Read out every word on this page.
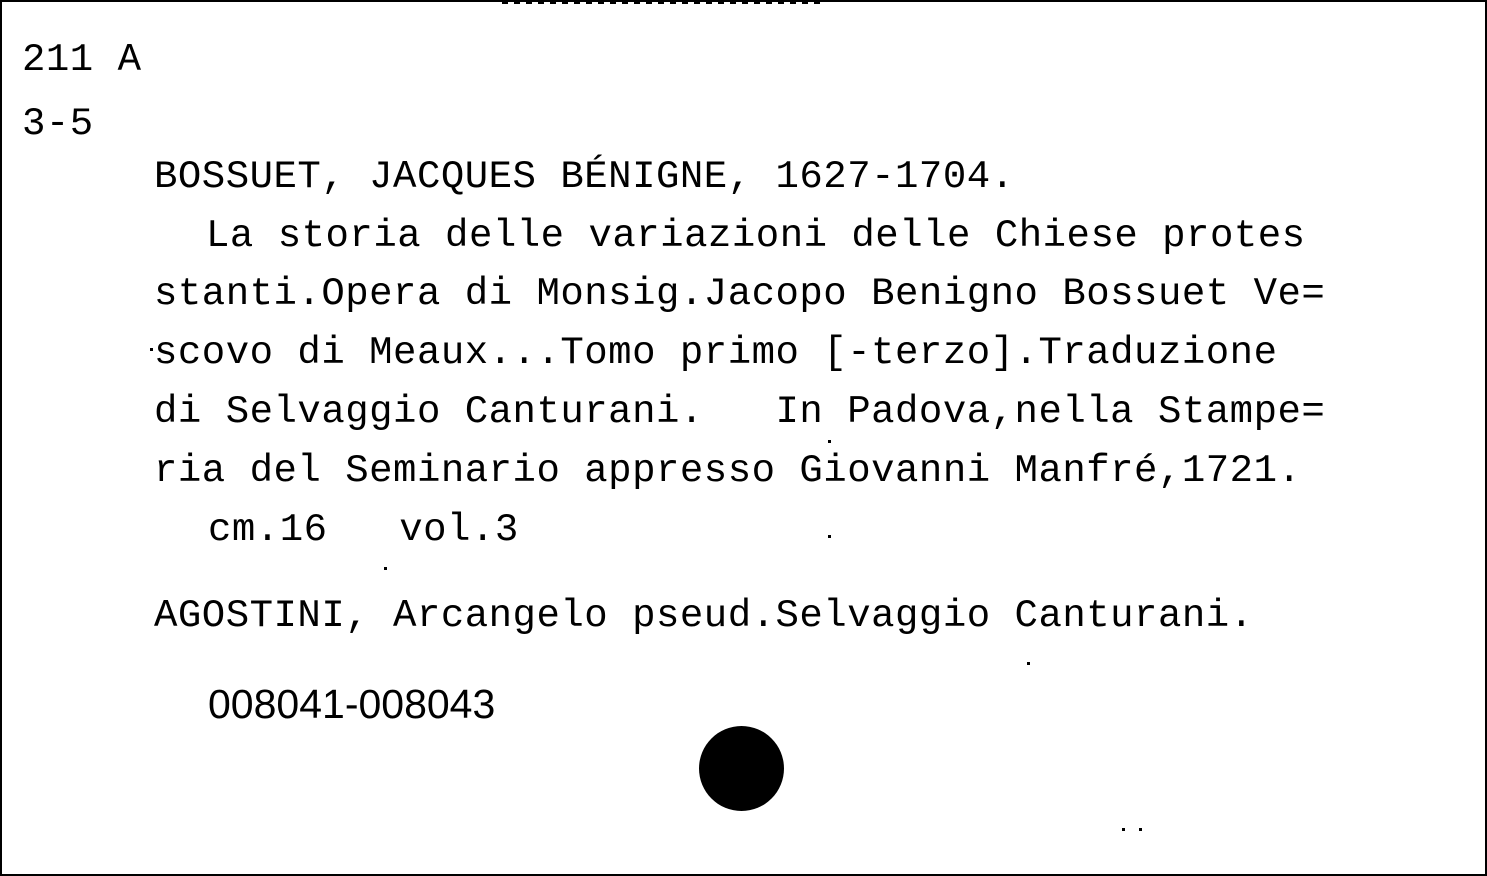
211 A
3-5
BOSSUET, JACQUES BÉNIGNE, 1627-1704.
La storia delle variazioni delle Chiese protes
stanti.Opera di Monsig.Jacopo Benigno Bossuet Ve=
scovo di Meaux...Tomo primo [-terzo].Traduzione
di Selvaggio Canturani.   In Padova,nella Stampe=
ria del Seminario appresso Giovanni Manfré,1721.
cm.16   vol.3
AGOSTINI, Arcangelo pseud.Selvaggio Canturani.
008041-008043
